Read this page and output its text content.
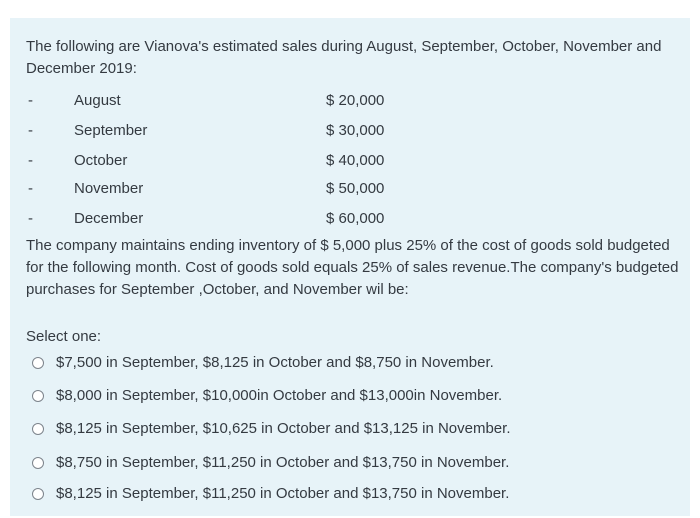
The following are Vianova's estimated sales during August, September, October, November and December 2019:

-	August	$ 20,000
-	September	$ 30,000
-	October	$ 40,000
-	November	$ 50,000
-	December	$ 60,000

The company maintains ending inventory of $ 5,000 plus 25% of the cost of goods sold budgeted for the following month. Cost of goods sold equals 25% of sales revenue.The company's budgeted purchases for September ,October, and November wil be:

Select one:
$7,500 in September, $8,125 in October and $8,750 in November.
$8,000 in September, $10,000in October and $13,000in November.
$8,125 in September, $10,625 in October and $13,125 in November.
$8,750 in September, $11,250 in October and $13,750 in November.
$8,125 in September, $11,250 in October and $13,750 in November.
